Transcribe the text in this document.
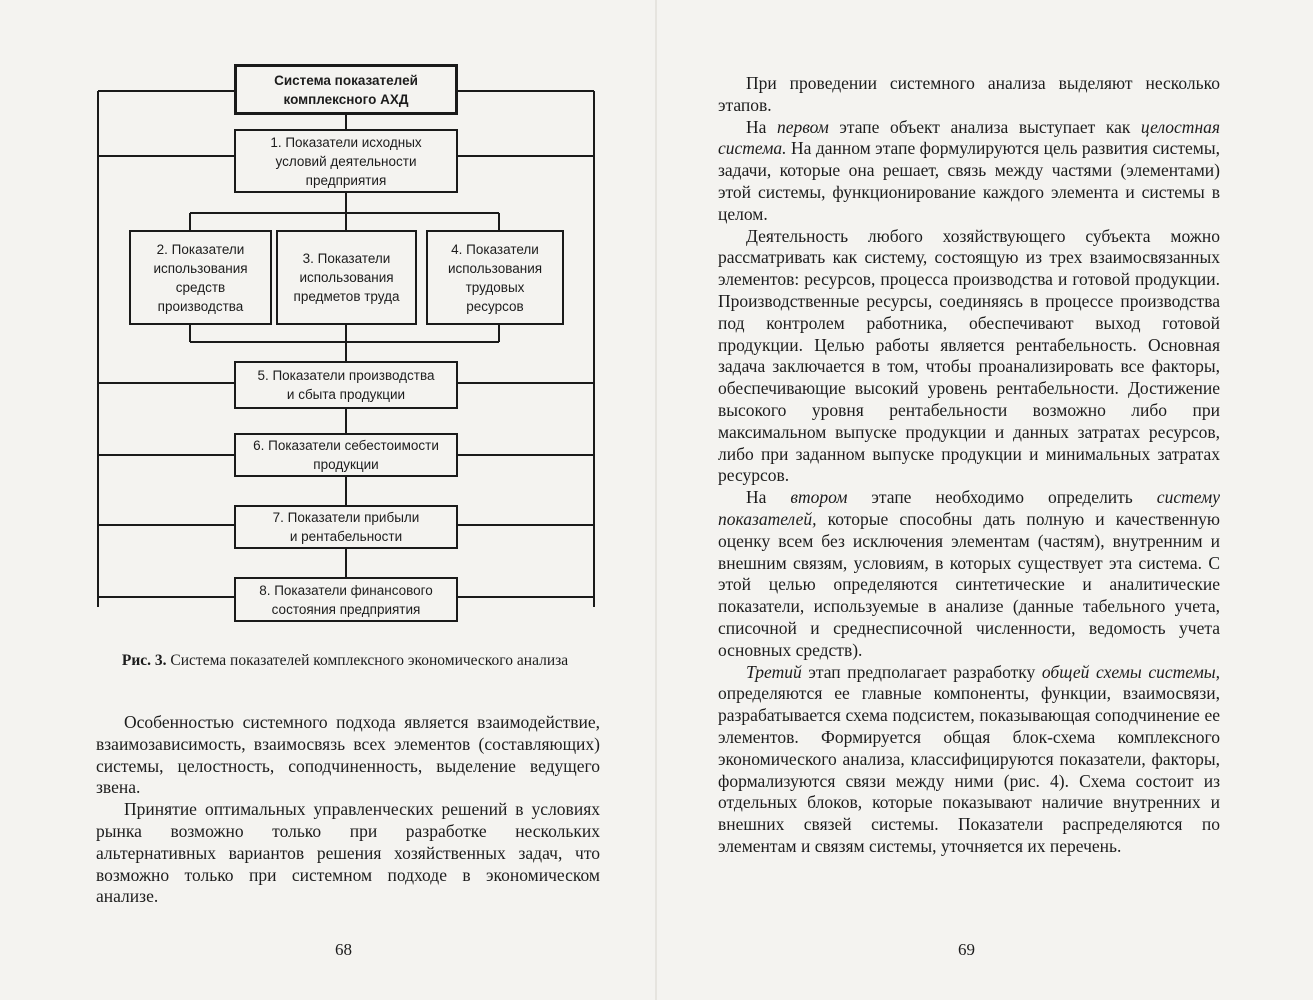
Система показателей
комплексного АХД
1. Показатели исходных
условий деятельности
предприятия
2. Показатели
использования
средств
производства
3. Показатели
использования
предметов труда
4. Показатели
использования
трудовых
ресурсов
5. Показатели производства
и сбыта продукции
6. Показатели себестоимости
продукции
7. Показатели прибыли
и рентабельности
8. Показатели финансового
состояния предприятия
Рис. 3. Система показателей комплексного экономического анализа

Особенностью системного подхода является взаимодействие, взаимозависимость, взаимосвязь всех элементов (составляющих) системы, целостность, соподчиненность, выделение ведущего звена.

Принятие оптимальных управленческих решений в условиях рынка возможно только при разработке нескольких альтернативных вариантов решения хозяйственных задач, что возможно только при системном подходе в экономическом анализе.

68

При проведении системного анализа выделяют несколько этапов.

На первом этапе объект анализа выступает как целостная система. На данном этапе формулируются цель развития системы, задачи, которые она решает, связь между частями (элементами) этой системы, функционирование каждого элемента и системы в целом.

Деятельность любого хозяйствующего субъекта можно рассматривать как систему, состоящую из трех взаимосвязанных элементов: ресурсов, процесса производства и готовой продукции. Производственные ресурсы, соединяясь в процессе производства под контролем работника, обеспечивают выход готовой продукции. Целью работы является рентабельность. Основная задача заключается в том, чтобы проанализировать все факторы, обеспечивающие высокий уровень рентабельности. Достижение высокого уровня рентабельности возможно либо при максимальном выпуске продукции и данных затратах ресурсов, либо при заданном выпуске продукции и минимальных затратах ресурсов.

На втором этапе необходимо определить систему показателей, которые способны дать полную и качественную оценку всем без исключения элементам (частям), внутренним и внешним связям, условиям, в которых существует эта система. С этой целью определяются синтетические и аналитические показатели, используемые в анализе (данные табельного учета, списочной и среднесписочной численности, ведомость учета основных средств).

Третий этап предполагает разработку общей схемы системы, определяются ее главные компоненты, функции, взаимосвязи, разрабатывается схема подсистем, показывающая соподчинение ее элементов. Формируется общая блок-схема комплексного экономического анализа, классифицируются показатели, факторы, формализуются связи между ними (рис. 4). Схема состоит из отдельных блоков, которые показывают наличие внутренних и внешних связей системы. Показатели распределяются по элементам и связям системы, уточняется их перечень.

69
